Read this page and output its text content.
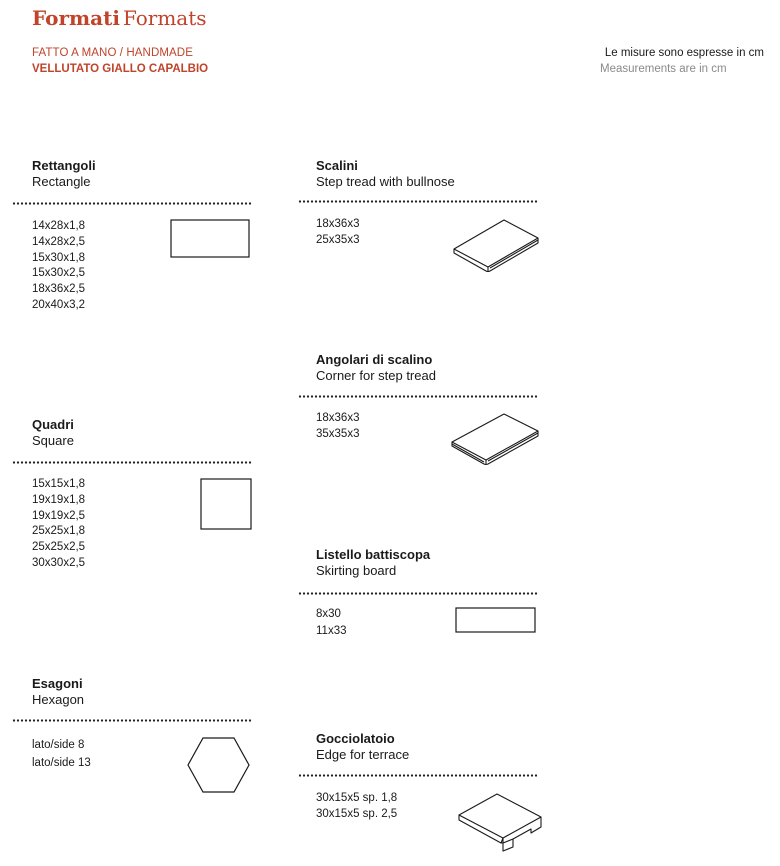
Formati Formats
FATTO A MANO / HANDMADE
VELLUTATO GIALLO CAPALBIO
Le misure sono espresse in cm
Measurements are in cm
Rettangoli
Rectangle
14x28x1,8
14x28x2,5
15x30x1,8
15x30x2,5
18x36x2,5
20x40x3,2
Quadri
Square
15x15x1,8
19x19x1,8
19x19x2,5
25x25x1,8
25x25x2,5
30x30x2,5
Esagoni
Hexagon
lato/side 8
lato/side 13
Scalini
Step tread with bullnose
18x36x3
25x35x3
Angolari di scalino
Corner for step tread
18x36x3
35x35x3
Listello battiscopa
Skirting board
8x30
11x33
Gocciolatoio
Edge for terrace
30x15x5 sp. 1,8
30x15x5 sp. 2,5
